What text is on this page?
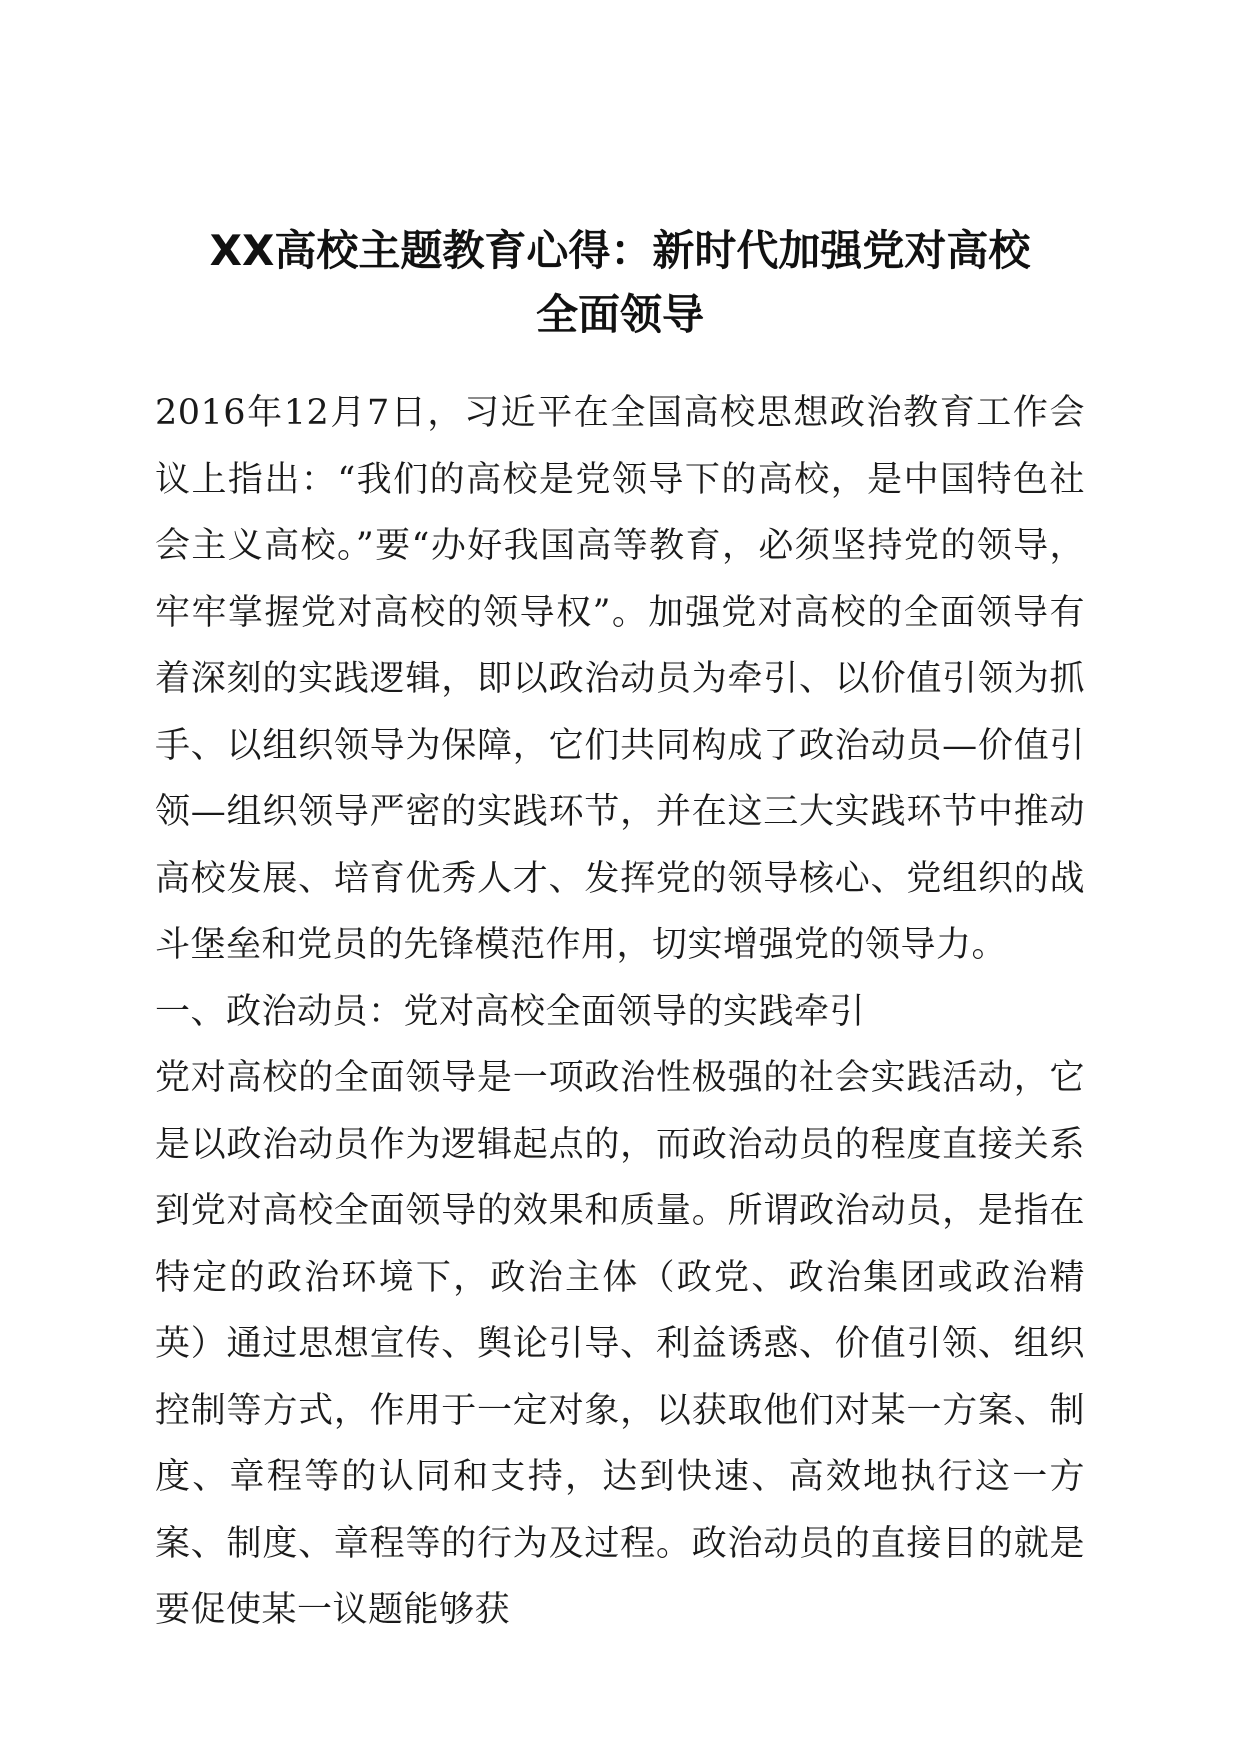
XX高校主题教育心得：新时代加强党对高校
全面领导

2016年12月7日，习近平在全国高校思想政治教育工作会议上指出：“我们的高校是党领导下的高校，是中国特色社会主义高校。”要“办好我国高等教育，必须坚持党的领导，牢牢掌握党对高校的领导权”。加强党对高校的全面领导有着深刻的实践逻辑，即以政治动员为牵引、以价值引领为抓手、以组织领导为保障，它们共同构成了政治动员—价值引领—组织领导严密的实践环节，并在这三大实践环节中推动高校发展、培育优秀人才、发挥党的领导核心、党组织的战斗堡垒和党员的先锋模范作用，切实增强党的领导力。

一、政治动员：党对高校全面领导的实践牵引

党对高校的全面领导是一项政治性极强的社会实践活动，它是以政治动员作为逻辑起点的，而政治动员的程度直接关系到党对高校全面领导的效果和质量。所谓政治动员，是指在特定的政治环境下，政治主体（政党、政治集团或政治精英）通过思想宣传、舆论引导、利益诱惑、价值引领、组织控制等方式，作用于一定对象，以获取他们对某一方案、制度、章程等的认同和支持，达到快速、高效地执行这一方案、制度、章程等的行为及过程。政治动员的直接目的就是要促使某一议题能够获
